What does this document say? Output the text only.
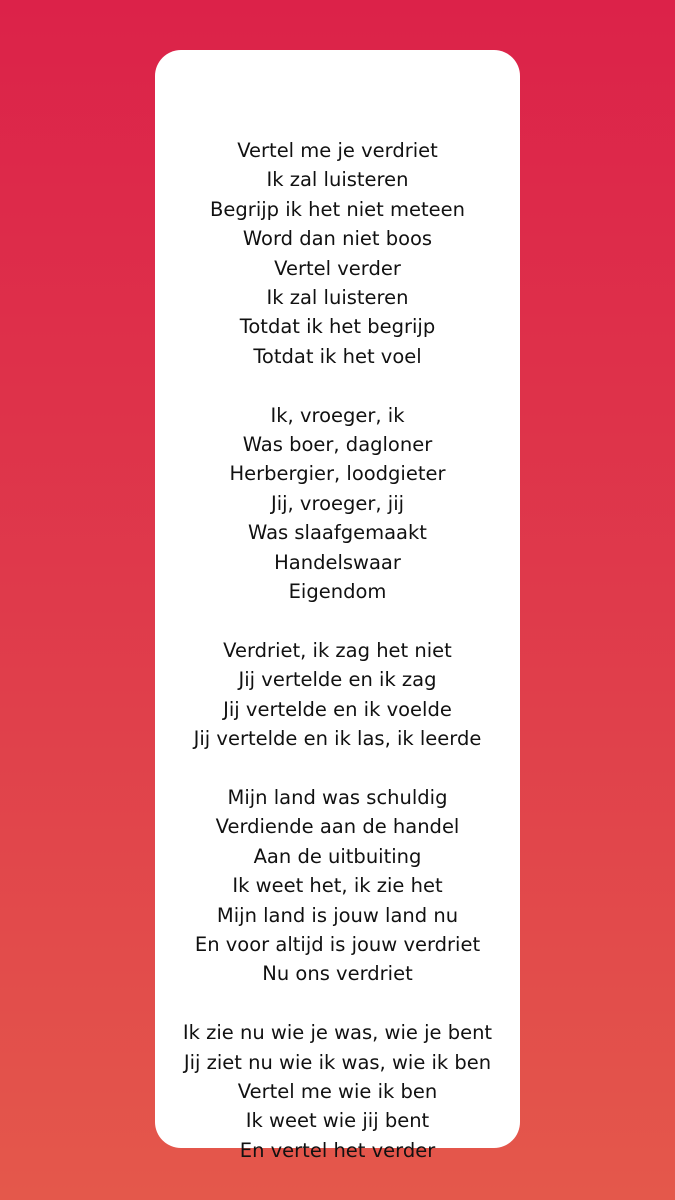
Vertel me je verdriet
Ik zal luisteren
Begrijp ik het niet meteen
Word dan niet boos
Vertel verder
Ik zal luisteren
Totdat ik het begrijp
Totdat ik het voel
Ik, vroeger, ik
Was boer, dagloner
Herbergier, loodgieter
Jij, vroeger, jij
Was slaafgemaakt
Handelswaar
Eigendom
Verdriet, ik zag het niet
Jij vertelde en ik zag
Jij vertelde en ik voelde
Jij vertelde en ik las, ik leerde
Mijn land was schuldig
Verdiende aan de handel
Aan de uitbuiting
Ik weet het, ik zie het
Mijn land is jouw land nu
En voor altijd is jouw verdriet
Nu ons verdriet
Ik zie nu wie je was, wie je bent
Jij ziet nu wie ik was, wie ik ben
Vertel me wie ik ben
Ik weet wie jij bent
En vertel het verder
